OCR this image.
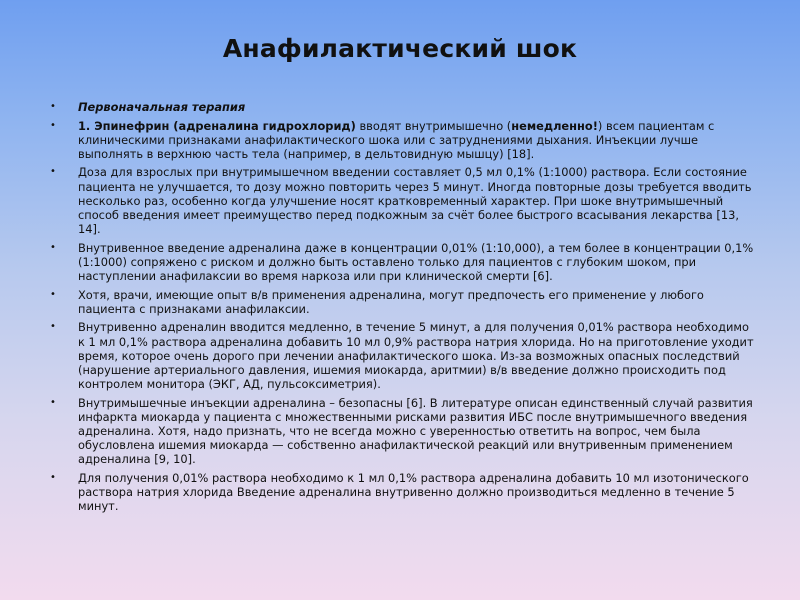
Анафилактический шок
• Первоначальная терапия
• 1. Эпинефрин (адреналина гидрохлорид) вводят внутримышечно (немедленно!) всем пациентам с клиническими признаками анафилактического шока или с затруднениями дыхания. Инъекции лучше выполнять в верхнюю часть тела (например, в дельтовидную мышцу) [18].
• Доза для взрослых при внутримышечном введении составляет 0,5 мл 0,1% (1:1000) раствора. Если состояние пациента не улучшается, то дозу можно повторить через 5 минут. Иногда повторные дозы требуется вводить несколько раз, особенно когда улучшение носят кратковременный характер. При шоке внутримышечный способ введения имеет преимущество перед подкожным за счёт более быстрого всасывания лекарства [13, 14].
• Внутривенное введение адреналина даже в концентрации 0,01% (1:10,000), а тем более в концентрации 0,1% (1:1000) сопряжено с риском и должно быть оставлено только для пациентов с глубоким шоком, при наступлении анафилаксии во время наркоза или при клинической смерти [6].
• Хотя, врачи, имеющие опыт в/в применения адреналина, могут предпочесть его применение у любого пациента с признаками анафилаксии.
• Внутривенно адреналин вводится медленно, в течение 5 минут, а для получения 0,01% раствора необходимо к 1 мл 0,1% раствора адреналина добавить 10 мл 0,9% раствора натрия хлорида. Но на приготовление уходит время, которое очень дорого при лечении анафилактического шока. Из-за возможных опасных последствий (нарушение артериального давления, ишемия миокарда, аритмии) в/в введение должно происходить под контролем монитора (ЭКГ, АД, пульсоксиметрия).
• Внутримышечные инъекции адреналина – безопасны [6]. В литературе описан единственный случай развития инфаркта миокарда у пациента с множественными рисками развития ИБС после внутримышечного введения адреналина. Хотя, надо признать, что не всегда можно с уверенностью ответить на вопрос, чем была обусловлена ишемия миокарда — собственно анафилактической реакций или внутривенным применением адреналина [9, 10].
• Для получения 0,01% раствора необходимо к 1 мл 0,1% раствора адреналина добавить 10 мл изотонического раствора натрия хлорида Введение адреналина внутривенно должно производиться медленно в течение 5 минут.
